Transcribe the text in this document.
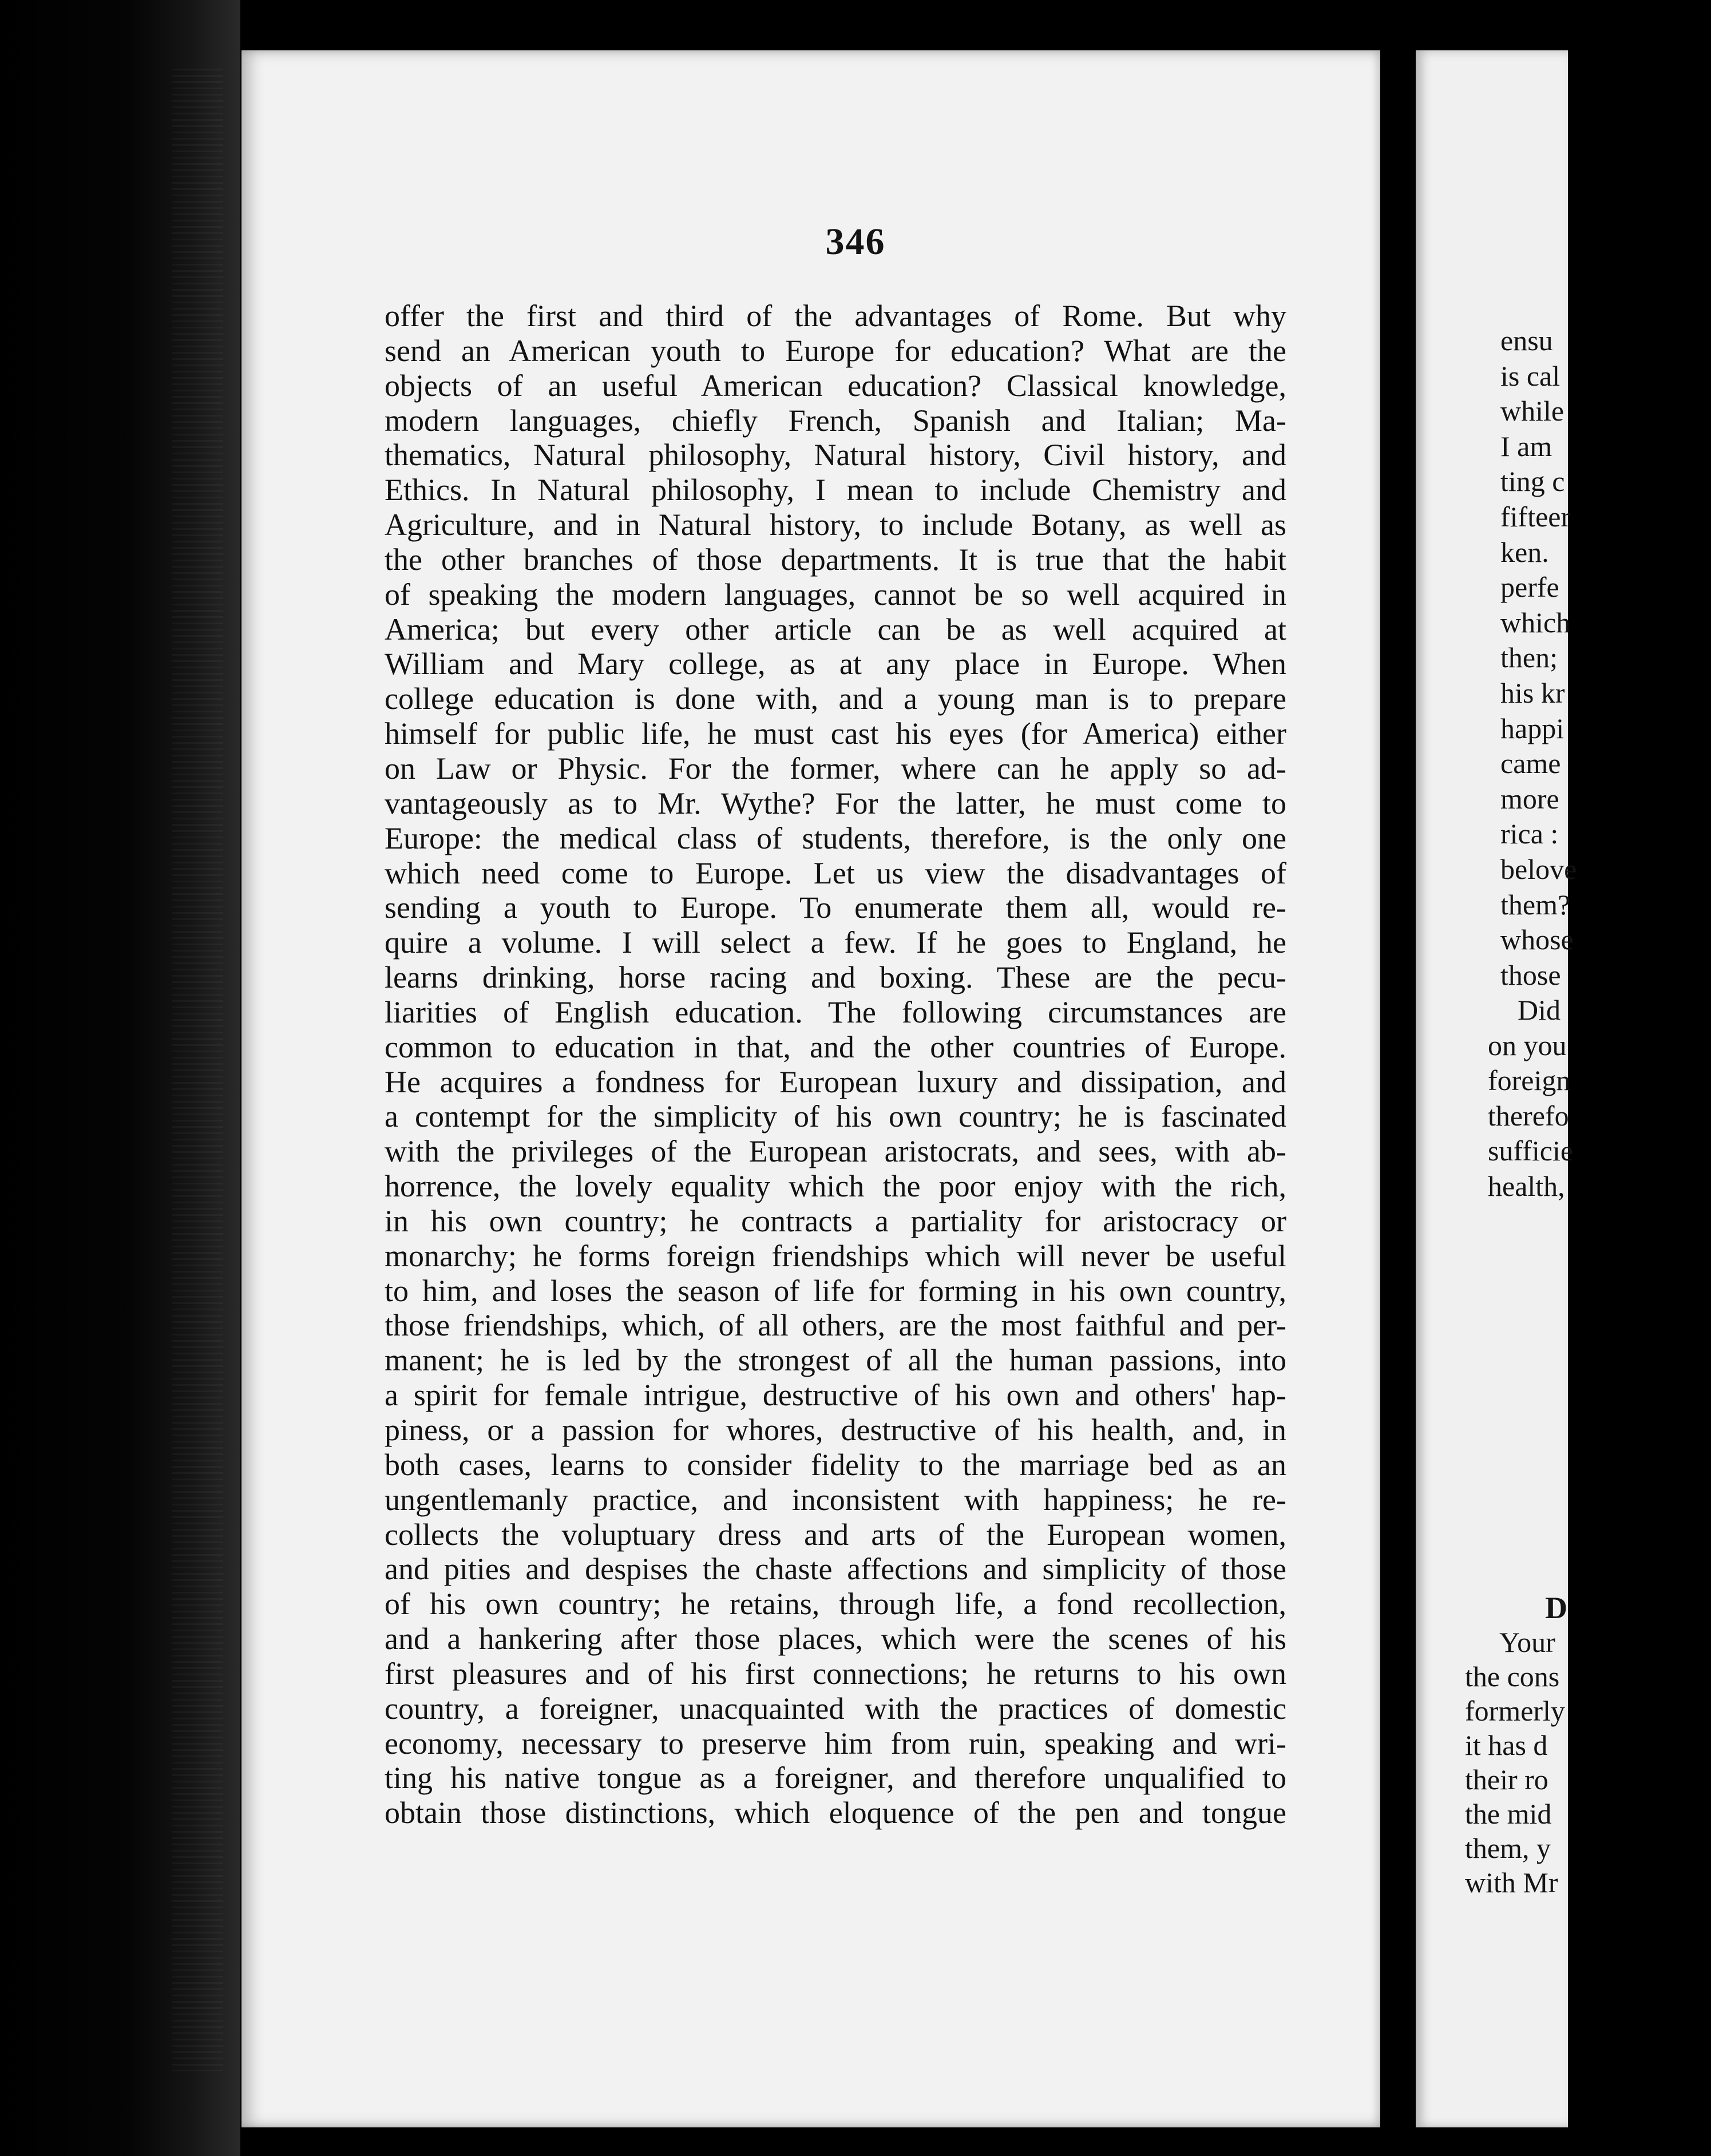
346
offer the first and third of the advantages of Rome. But why
send an American youth to Europe for education? What are the
objects of an useful American education? Classical knowledge,
modern languages, chiefly French, Spanish and Italian; Ma-
thematics, Natural philosophy, Natural history, Civil history, and
Ethics. In Natural philosophy, I mean to include Chemistry and
Agriculture, and in Natural history, to include Botany, as well as
the other branches of those departments. It is true that the habit
of speaking the modern languages, cannot be so well acquired in
America; but every other article can be as well acquired at
William and Mary college, as at any place in Europe. When
college education is done with, and a young man is to prepare
himself for public life, he must cast his eyes (for America) either
on Law or Physic. For the former, where can he apply so ad-
vantageously as to Mr. Wythe? For the latter, he must come to
Europe: the medical class of students, therefore, is the only one
which need come to Europe. Let us view the disadvantages of
sending a youth to Europe. To enumerate them all, would re-
quire a volume. I will select a few. If he goes to England, he
learns drinking, horse racing and boxing. These are the pecu-
liarities of English education. The following circumstances are
common to education in that, and the other countries of Europe.
He acquires a fondness for European luxury and dissipation, and
a contempt for the simplicity of his own country; he is fascinated
with the privileges of the European aristocrats, and sees, with ab-
horrence, the lovely equality which the poor enjoy with the rich,
in his own country; he contracts a partiality for aristocracy or
monarchy; he forms foreign friendships which will never be useful
to him, and loses the season of life for forming in his own country,
those friendships, which, of all others, are the most faithful and per-
manent; he is led by the strongest of all the human passions, into
a spirit for female intrigue, destructive of his own and others' hap-
piness, or a passion for whores, destructive of his health, and, in
both cases, learns to consider fidelity to the marriage bed as an
ungentlemanly practice, and inconsistent with happiness; he re-
collects the voluptuary dress and arts of the European women,
and pities and despises the chaste affections and simplicity of those
of his own country; he retains, through life, a fond recollection,
and a hankering after those places, which were the scenes of his
first pleasures and of his first connections; he returns to his own
country, a foreigner, unacquainted with the practices of domestic
economy, necessary to preserve him from ruin, speaking and wri-
ting his native tongue as a foreigner, and therefore unqualified to
obtain those distinctions, which eloquence of the pen and tongue
ensu
is cal
while
I am
ting c
fifteer
ken.
perfe
which
then;
his kr
happi
came
more
rica :
belove
them?
whose
those
Did
on you
foreign
therefo
sufficie
health,
D
Your
the cons
formerly
it has d
their ro
the mid
them, y
with Mr
